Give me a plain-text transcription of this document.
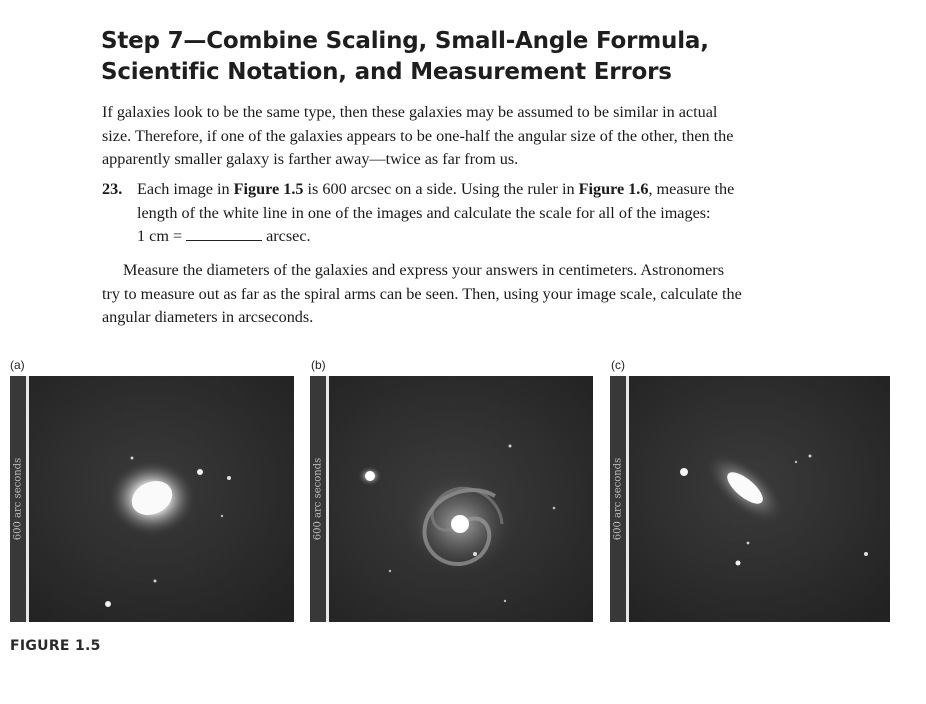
Step 7—Combine Scaling, Small-Angle Formula,
Scientific Notation, and Measurement Errors

If galaxies look to be the same type, then these galaxies may be assumed to be similar in actual
size. Therefore, if one of the galaxies appears to be one-half the angular size of the other, then the
apparently smaller galaxy is farther away—twice as far from us.

23. Each image in Figure 1.5 is 600 arcsec on a side. Using the ruler in Figure 1.6, measure the
length of the white line in one of the images and calculate the scale for all of the images:
1 cm =	arcsec.

Measure the diameters of the galaxies and express your answers in centimeters. Astronomers
try to measure out as far as the spiral arms can be seen. Then, using your image scale, calculate the
angular diameters in arcseconds.

(a)	(b)	(c)
600 arc seconds	600 arc seconds	600 arc seconds
FIGURE 1.5
